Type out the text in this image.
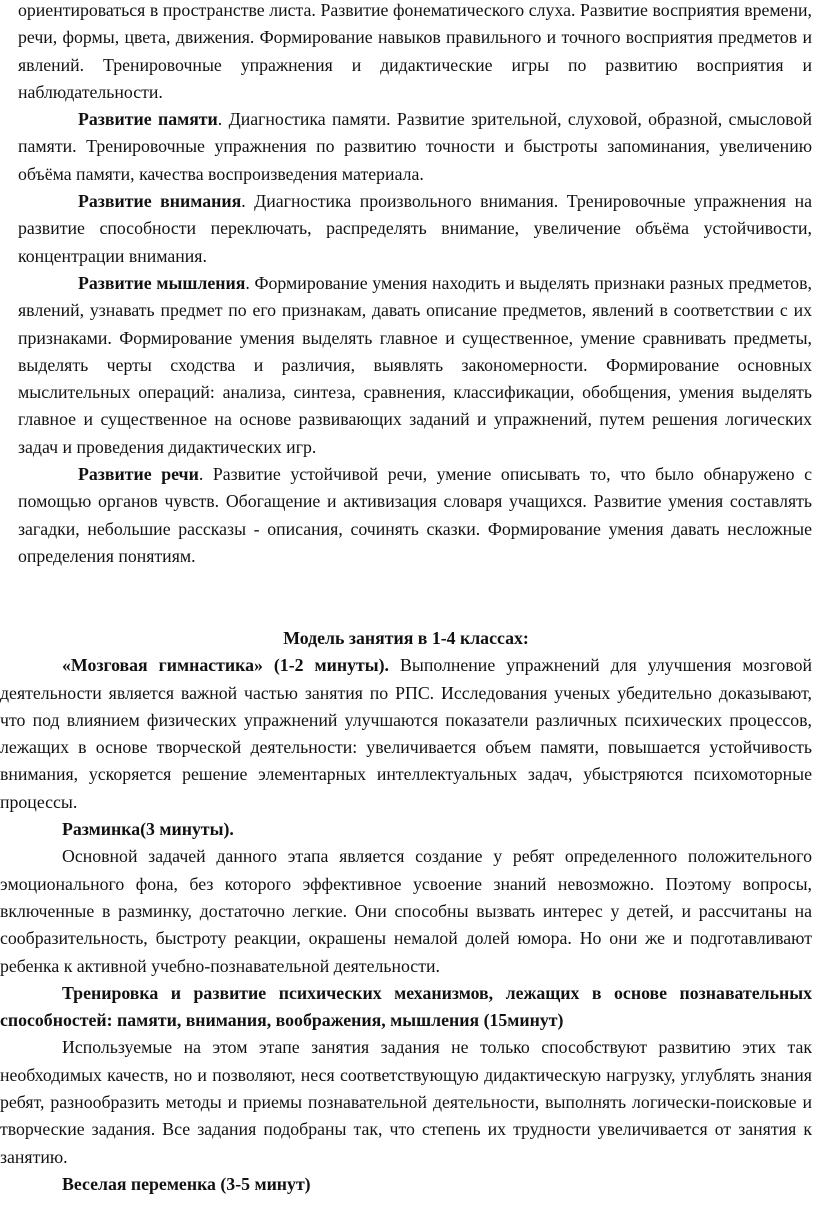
ориентироваться в пространстве листа. Развитие фонематического слуха. Развитие восприятия времени, речи, формы, цвета, движения. Формирование навыков правильного и точного восприятия предметов и явлений. Тренировочные упражнения и дидактические игры по развитию восприятия и наблюдательности.

Развитие памяти. Диагностика памяти. Развитие зрительной, слуховой, образной, смысловой памяти. Тренировочные упражнения по развитию точности и быстроты запоминания, увеличению объёма памяти, качества воспроизведения материала.

Развитие внимания. Диагностика произвольного внимания. Тренировочные упражнения на развитие способности переключать, распределять внимание, увеличение объёма устойчивости, концентрации внимания.

Развитие мышления. Формирование умения находить и выделять признаки разных предметов, явлений, узнавать предмет по его признакам, давать описание предметов, явлений в соответствии с их признаками. Формирование умения выделять главное и существенное, умение сравнивать предметы, выделять черты сходства и различия, выявлять закономерности. Формирование основных мыслительных операций: анализа, синтеза, сравнения, классификации, обобщения, умения выделять главное и существенное на основе развивающих заданий и упражнений, путем решения логических задач и проведения дидактических игр.

Развитие речи. Развитие устойчивой речи, умение описывать то, что было обнаружено с помощью органов чувств. Обогащение и активизация словаря учащихся. Развитие умения составлять загадки, небольшие рассказы - описания, сочинять сказки. Формирование умения давать несложные определения понятиям.

Модель занятия в 1-4 классах:

«Мозговая гимнастика» (1-2 минуты). Выполнение упражнений для улучшения мозговой деятельности является важной частью занятия по РПС. Исследования ученых убедительно доказывают, что под влиянием физических упражнений улучшаются показатели различных психических процессов, лежащих в основе творческой деятельности: увеличивается объем памяти, повышается устойчивость внимания, ускоряется решение элементарных интеллектуальных задач, убыстряются психомоторные процессы.

Разминка(3 минуты).

Основной задачей данного этапа является создание у ребят определенного положительного эмоционального фона, без которого эффективное усвоение знаний невозможно. Поэтому вопросы, включенные в разминку, достаточно легкие. Они способны вызвать интерес у детей, и рассчитаны на сообразительность, быстроту реакции, окрашены немалой долей юмора. Но они же и подготавливают ребенка к активной учебно-познавательной деятельности.

Тренировка и развитие психических механизмов, лежащих в основе познавательных способностей: памяти, внимания, воображения, мышления (15минут)

Используемые на этом этапе занятия задания не только способствуют развитию этих так необходимых качеств, но и позволяют, неся соответствующую дидактическую нагрузку, углублять знания ребят, разнообразить методы и приемы познавательной деятельности, выполнять логически-поисковые и творческие задания. Все задания подобраны так, что степень их трудности увеличивается от занятия к занятию.

Веселая переменка (3-5 минут)
